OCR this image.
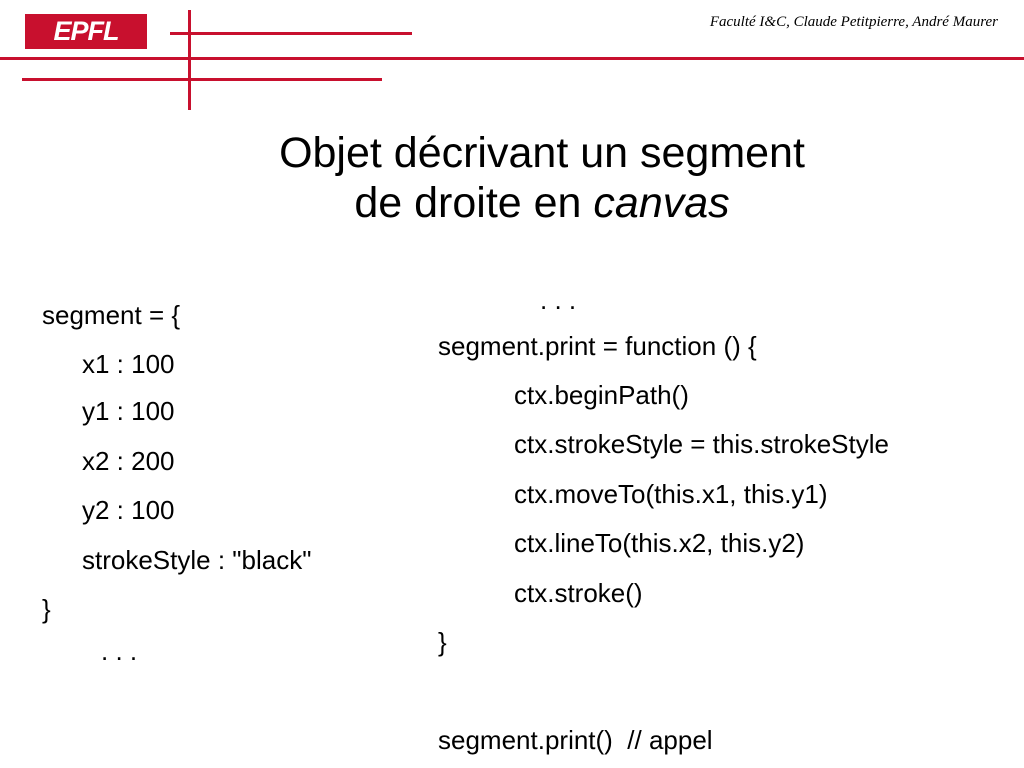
EPFL	Faculté I&C, Claude Petitpierre, André Maurer
Objet décrivant un segment
de droite en canvas
segment = {
x1 : 100
y1 : 100
x2 : 200
y2 : 100
strokeStyle : "black"
}
. . .
. . .
segment.print = function () {
ctx.beginPath()
ctx.strokeStyle = this.strokeStyle
ctx.moveTo(this.x1, this.y1)
ctx.lineTo(this.x2, this.y2)
ctx.stroke()
}
segment.print()  // appel
